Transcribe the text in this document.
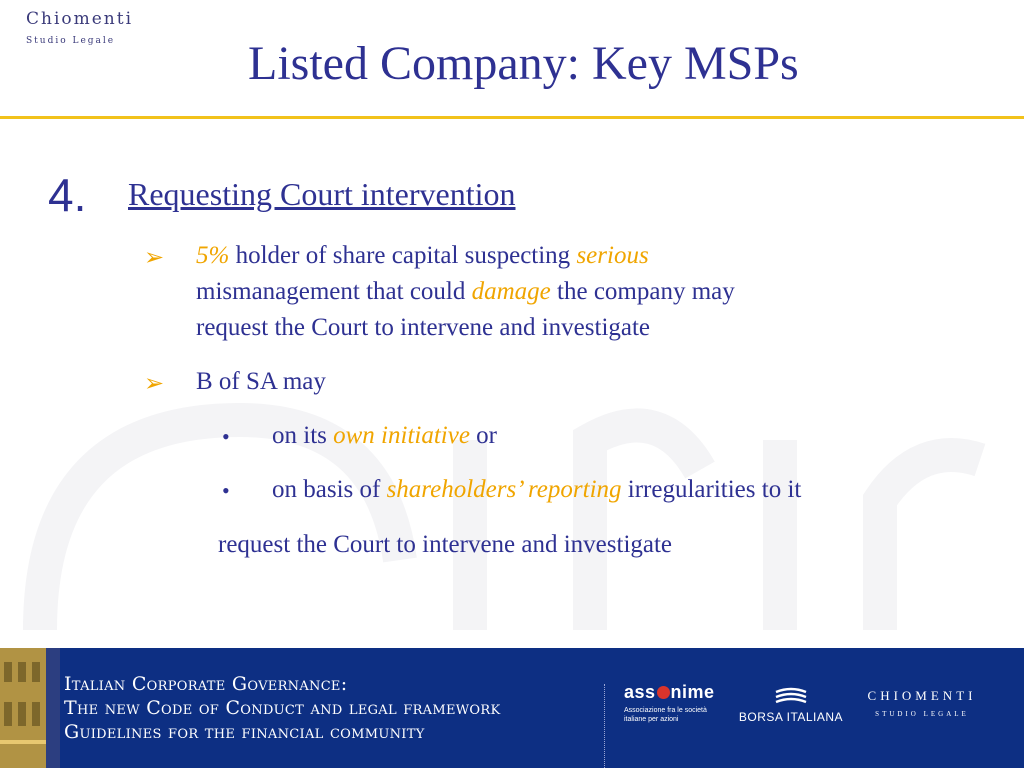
Chiomenti
Studio Legale	Listed Company: Key MSPs
4. Requesting Court intervention
➢ 5% holder of share capital suspecting serious
mismanagement that could damage the company may
request the Court to intervene and investigate
➢ B of SA may
• on its own initiative or
• on basis of shareholders’ reporting irregularities to it
request the Court to intervene and investigate
Italian Corporate Governance:
The new Code of Conduct and legal framework
Guidelines for the financial community
ass nime
Associazione fra le società
italiane per azioni	BORSA ITALIANA
CHIOMENTI
STUDIO LEGALE
